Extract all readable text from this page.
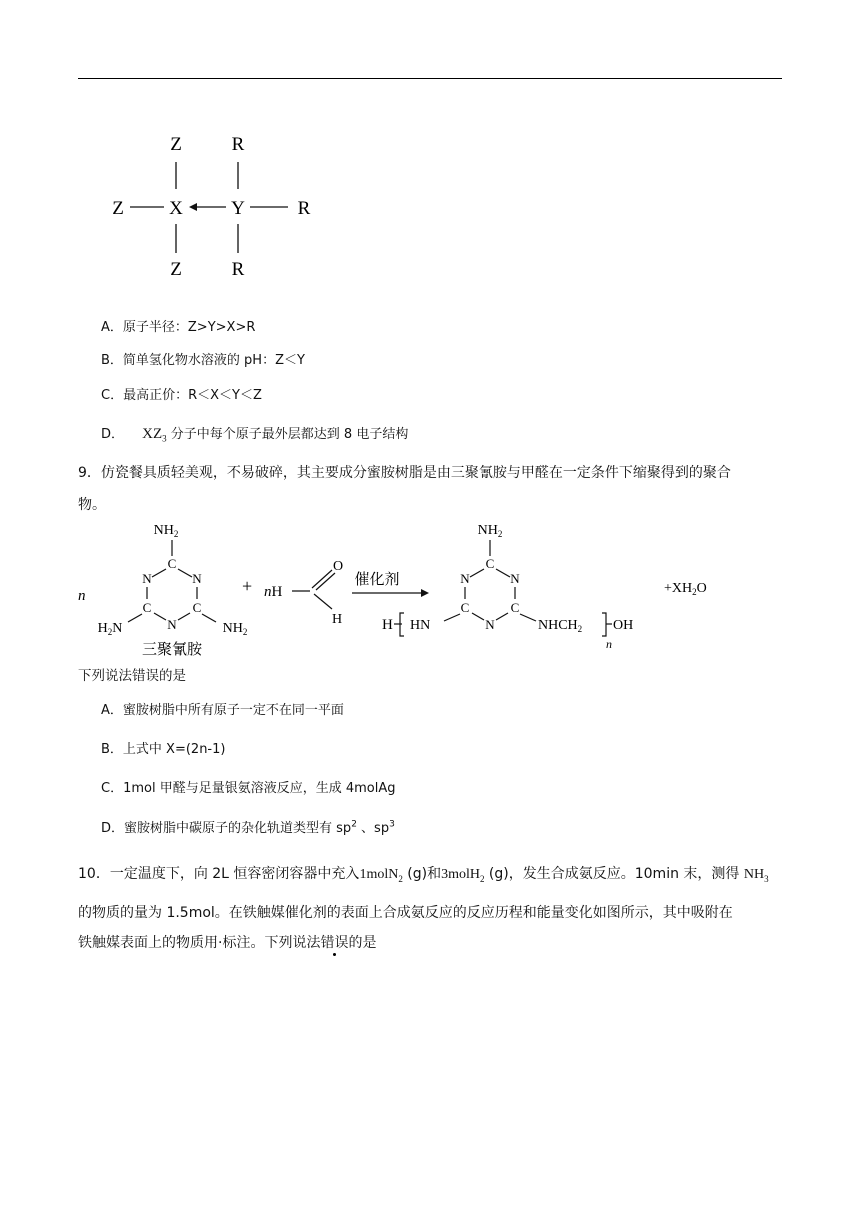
Z	R
Z X	Y	R
Z	R
A．原子半径：Z>Y>X>R
B．简单氢化物水溶液的 pH：Z＜Y
C．最高正价：R＜X＜Y＜Z
D． $XZ_3$ 分子中每个原子最外层都达到 8 电子结构
9．仿瓷餐具质轻美观，不易破碎，其主要成分蜜胺树脂是由三聚氰胺与甲醛在一定条件下缩聚得到的聚合
物。
n
$NH_2$
C
N	N
C	C
N
$H_2N$	$NH_2$
三聚氰胺
+ nH
O
H
催化剂
$NH_2$
C
N	N
C	C
N
H HN	$NHCH_2$ OH
n
$+XH_2O$
下列说法错误的是
A．蜜胺树脂中所有原子一定不在同一平面
B．上式中 X=(2n-1)
C．1mol 甲醛与足量银氨溶液反应，生成 4molAg
D．蜜胺树脂中碳原子的杂化轨道类型有 $sp^2$ 、$sp^3$
10．一定温度下，向 2L 恒容密闭容器中充入1molN$_2$ (g)和3molH$_2$ (g)，发生合成氨反应。10min 末，测得 $NH_3$
的物质的量为 1.5mol。在铁触媒催化剂的表面上合成氨反应的反应历程和能量变化如图所示，其中吸附在
铁触媒表面上的物质用·标注。下列说法错误的是
